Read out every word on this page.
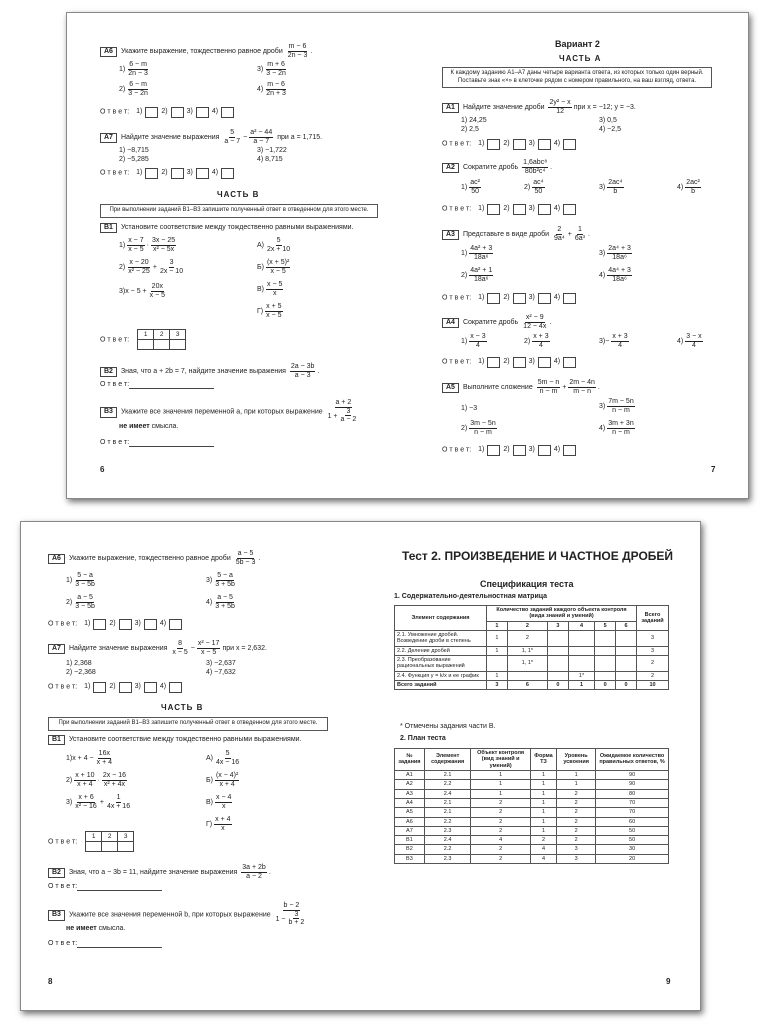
A6 Укажите выражение, тождественно равное дроби $\frac{m - 6}{2n - 3}$ .
$1) \frac{6 - m}{2n - 3}$	$3) \frac{m + 6}{3 - 2n}$
$2) \frac{6 - m}{3 - 2n}$	$4) \frac{m - 6}{2n + 3}$
О т в е т: 1)	2)	3)	4)
A7 Найдите значение выражения $\frac{5}{a - 7} - \frac{\text{a² − 44}}{a - 7}$ при a = 1,715.
1) −8,715	3) −1,722
2) −5,285	4) 8,715
О т в е т: 1)	2)	3)	4)
ЧАСТЬ В
При выполнении заданий В1–В3 запишите полученный ответ в отведенном для этого месте.
В1 Установите соответствие между тождественно равными выражениями.
$1) \frac{x - 7}{x - 5} \cdot \frac{3x - 25}{\text{x² − 5x}}$
$2) \frac{x - 20}{\text{x² − 25}} + \frac{3}{2x - 10}$
$3)x - 5 + \frac{20x}{x - 5}$
$А) \frac{5}{2x + 10}$
$Б) \frac{\text{(x + 5)²}}{x - 5}$
$В) \frac{x - 5}{x}$
$Г) \frac{x + 5}{x - 5}$
О т в е т: 1	2	3

В2 Зная, что a + 2b = 7, найдите значение выражения $\frac{2a - 3b}{a - 3}$ .
О т в е т:
В3 Укажите все значения переменной a, при которых выражение $\frac{a + 2}{1 + \frac{3}{a - 2}}$
не имеет смысла.
О т в е т:
6
Вариант 2
ЧАСТЬ А
К каждому заданию А1–А7 даны четыре варианта ответа, из которых только один верный. Поставьте знак «×» в клеточке рядом с номером правильного, на ваш взгляд, ответа.
А1 Найдите значение дроби $\frac{\text{2y² − x}}{12}$ при x = −12; y = −3.
1) 24,25	3) 0,5
2) 2,5	4) −2,5
О т в е т: 1)	2)	3)	4)
А2 Сократите дробь $\frac{\text{1,6abc⁸}}{\text{80b²c⁴}}$ .
$1) \frac{\text{ac²}}{50}$	$2) \frac{\text{ac⁴}}{50}$	$3) \frac{\text{2ac⁴}}{b}$	$4) \frac{\text{2ac²}}{b}$
О т в е т: 1)	2)	3)	4)
А3 Представьте в виде дроби $\frac{2}{\text{9a⁴}} + \frac{1}{\text{6a³}}$ .
$1) \frac{\text{4a² + 3}}{\text{18a⁶}}$	$3) \frac{\text{2a⁴ + 3}}{\text{18a⁶}}$
$2) \frac{\text{4a² + 1}}{\text{18a⁶}}$	$4) \frac{\text{4a⁴ + 3}}{\text{18a⁶}}$
О т в е т: 1)	2)	3)	4)
А4 Сократите дробь $\frac{\text{x² − 9}}{12 - 4x}$ .
$1) \frac{x - 3}{4}$	$2) \frac{x + 3}{4}$	$3)- \frac{x + 3}{4}$	$4) \frac{3 - x}{4}$
О т в е т: 1)	2)	3)	4)
А5 Выполните сложение $\frac{5m - n}{n - m} + \frac{2m - 4n}{m - n}$ .
1) −3	$3) \frac{7m - 5n}{n - m}$
$2) \frac{3m - 5n}{n - m}$	$4) \frac{3m + 3n}{n - m}$
О т в е т: 1)	2)	3)	4)
7
А6 Укажите выражение, тождественно равное дроби $\frac{a - 5}{5b - 3}$ .
$1) \frac{5 - a}{3 - 5b}$	$3) \frac{5 - a}{3 + 5b}$
$2) \frac{a - 5}{3 - 5b}$	$4) \frac{a - 5}{3 + 5b}$
О т в е т: 1)	2)	3)	4)
А7 Найдите значение выражения $\frac{8}{x - 5} - \frac{\text{x² − 17}}{x - 5}$ при x = 2,632.
1) 2,368	3) −2,637
2) −2,368	4) −7,632
О т в е т: 1)	2)	3)	4)
ЧАСТЬ В
При выполнении заданий В1–В3 запишите полученный ответ в отведенном для этого месте.
В1 Установите соответствие между тождественно равными выражениями.
$1)x + 4 - \frac{16x}{x + 4}$
$2) \frac{x + 10}{x + 4} \cdot \frac{2x - 16}{\text{x² + 4x}}$
$3) \frac{x + 6}{\text{x² − 16}} + \frac{1}{4x + 16}$
$А) \frac{5}{4x - 16}$
$Б) \frac{\text{(x − 4)²}}{x + 4}$
$В) \frac{x - 4}{x}$
$Г) \frac{x + 4}{x}$
О т в е т: 1	2	3

В2 Зная, что a − 3b = 11, найдите значение выражения $\frac{3a + 2b}{a - 2}$ .
О т в е т:
В3 Укажите все значения переменной b, при которых выражение $\frac{b - 2}{1 - \frac{3}{b + 2}}$
не имеет смысла.
О т в е т:
8
Тест 2. ПРОИЗВЕДЕНИЕ И ЧАСТНОЕ ДРОБЕЙ
Спецификация теста
1. Содержательно-деятельностная матрица
Элемент содержания	Количество заданий каждого объекта контроля (вида знаний и умений)						Всего заданий
	1	2	3	4	5	6	
2.1. Умножение дробей. Возведение дроби в степень	1	2					3
2.2. Деление дробей	1	1, 1*					3
2.3. Преобразование рациональных выражений		1, 1*					2
2.4. Функция y = k/x и ее график	1			1*			2
Всего заданий	3	6	0	1	0	0	10
* Отмечены задания части В.
2. План теста
№ задания	Элемент содержания	Объект контроля (вид знаний и умений)	Форма ТЗ	Уровень усвоения	Ожидаемое количество правильных ответов, %
А1	2.1	1	1	1	90
А2	2.2	1	1	1	90
А3	2.4	1	1	2	80
А4	2.1	2	1	2	70
А5	2.1	2	1	2	70
А6	2.2	2	1	2	60
А7	2.3	2	1	2	50
В1	2.4	4	2	2	50
В2	2.2	2	4	3	30
В3	2.3	2	4	3	20
9
